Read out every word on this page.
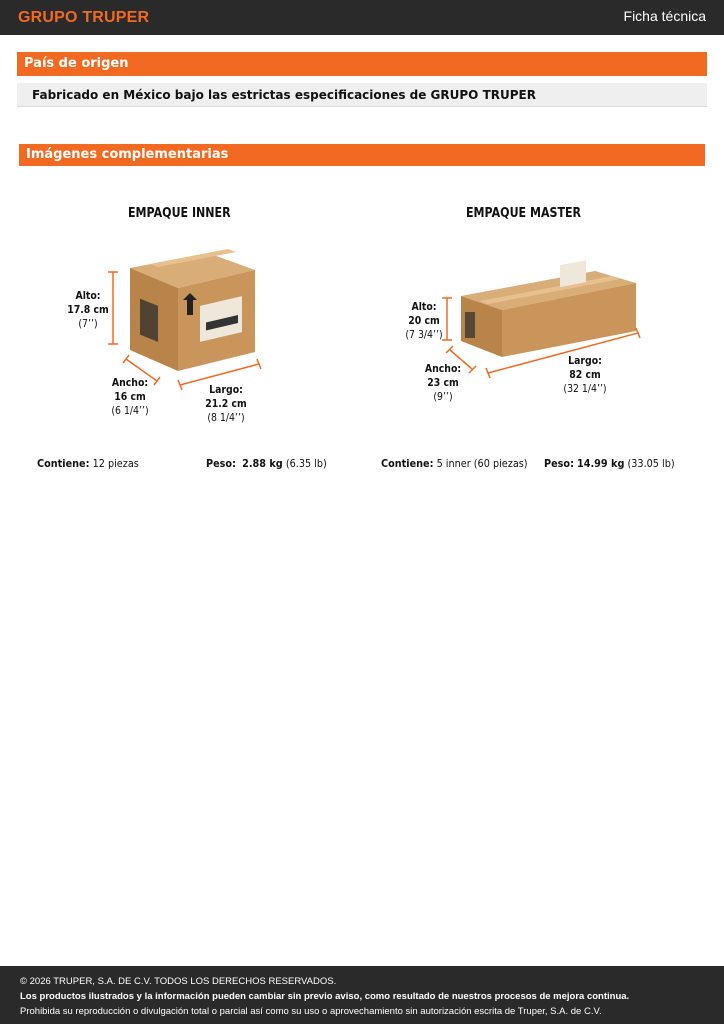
GRUPO TRUPER	Ficha técnica
País de origen
Fabricado en México bajo las estrictas especificaciones de GRUPO TRUPER
Imágenes complementarias
EMPAQUE INNER	EMPAQUE MASTER
Alto:
17.8 cm
(7’’)
Ancho:
16 cm
(6 1/4’’)
Largo:
21.2 cm
(8 1/4’’)
Alto:
20 cm
(7 3/4’’)
Ancho:
23 cm
(9’’)
Largo:
82 cm
(32 1/4’’)
Contiene: 12 piezas	Peso: 2.88 kg (6.35 lb)	Contiene: 5 inner (60 piezas) Peso: 14.99 kg (33.05 lb)
© 2026 TRUPER, S.A. DE C.V. TODOS LOS DERECHOS RESERVADOS.
Los productos ilustrados y la información pueden cambiar sin previo aviso, como resultado de nuestros procesos de mejora continua.
Prohibida su reproducción o divulgación total o parcial así como su uso o aprovechamiento sin autorización escrita de Truper, S.A. de C.V.
